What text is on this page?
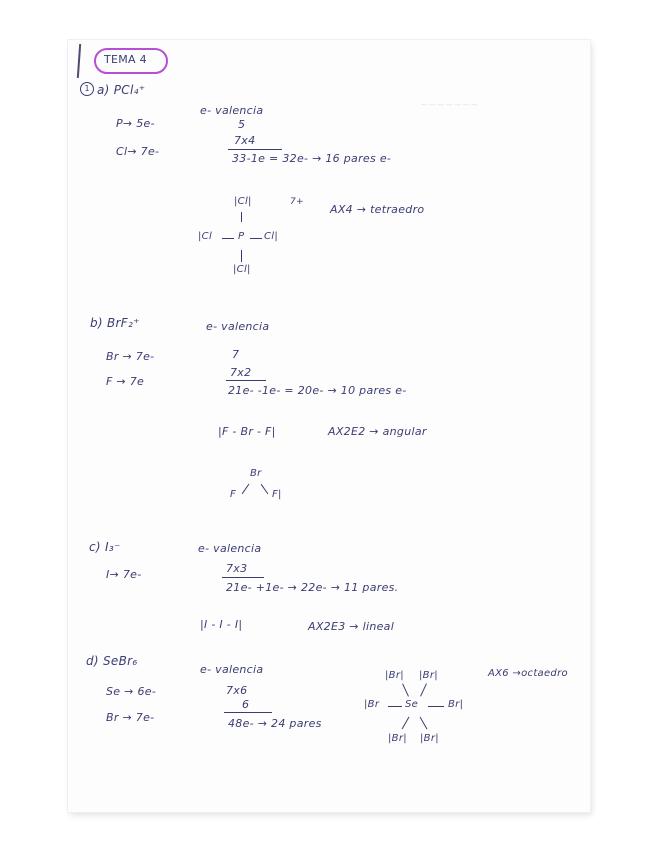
~~~~~~~
TEMA 4
1 a) PCl₄⁺
e- valencia
P→ 5e-
Cl→ 7e-
5
7x4
33-1e = 32e- → 16 pares e-
|Cl|
|Cl	P Cl|
|Cl|
7+
AX4 → tetraedro
b) BrF₂⁺	e- valencia
Br → 7e-
F → 7e
7
7x2
21e- -1e- = 20e- → 10 pares e-
|F - Br - F|	AX2E2 → angular
Br
F	F|
c) I₃⁻	e- valencia
I→ 7e-	7x3
21e- +1e- → 22e- → 11 pares.
|I - I - I|	AX2E3 → lineal
d) SeBr₆
e- valencia
Se → 6e-
Br → 7e-
7x6
6
48e- → 24 pares
|Br| |Br|
|Br	Se	Br|
|Br| |Br|
AX6 →octaedro
